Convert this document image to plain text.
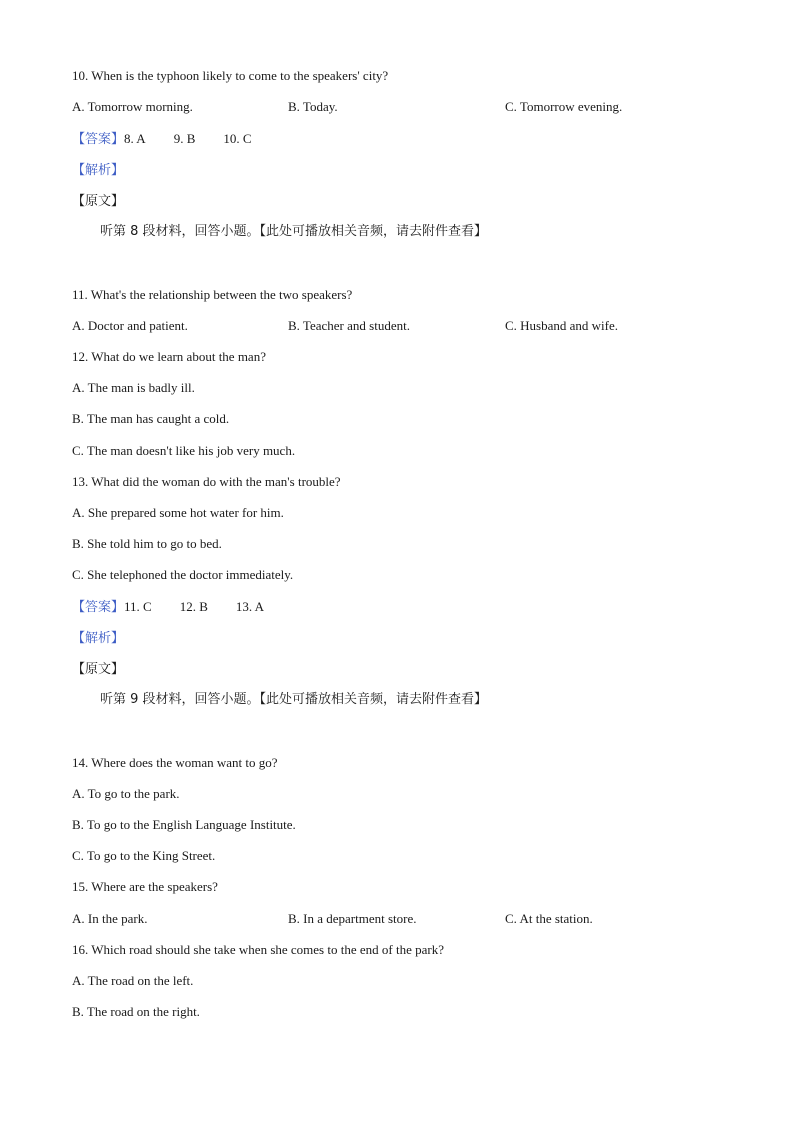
10. When is the typhoon likely to come to the speakers' city?
A. Tomorrow morning.	B. Today.	C. Tomorrow evening.
【答案】8. A 9. B 10. C
【解析】
【原文】
听第 8 段材料，回答小题。【此处可播放相关音频，请去附件查看】
11. What's the relationship between the two speakers?
A. Doctor and patient.	B. Teacher and student.	C. Husband and wife.
12. What do we learn about the man?
A. The man is badly ill.
B. The man has caught a cold.
C. The man doesn't like his job very much.
13. What did the woman do with the man's trouble?
A. She prepared some hot water for him.
B. She told him to go to bed.
C. She telephoned the doctor immediately.
【答案】11. C 12. B 13. A
【解析】
【原文】
听第 9 段材料，回答小题。【此处可播放相关音频，请去附件查看】
14. Where does the woman want to go?
A. To go to the park.
B. To go to the English Language Institute.
C. To go to the King Street.
15. Where are the speakers?
A. In the park.	B. In a department store.	C. At the station.
16. Which road should she take when she comes to the end of the park?
A. The road on the left.
B. The road on the right.
